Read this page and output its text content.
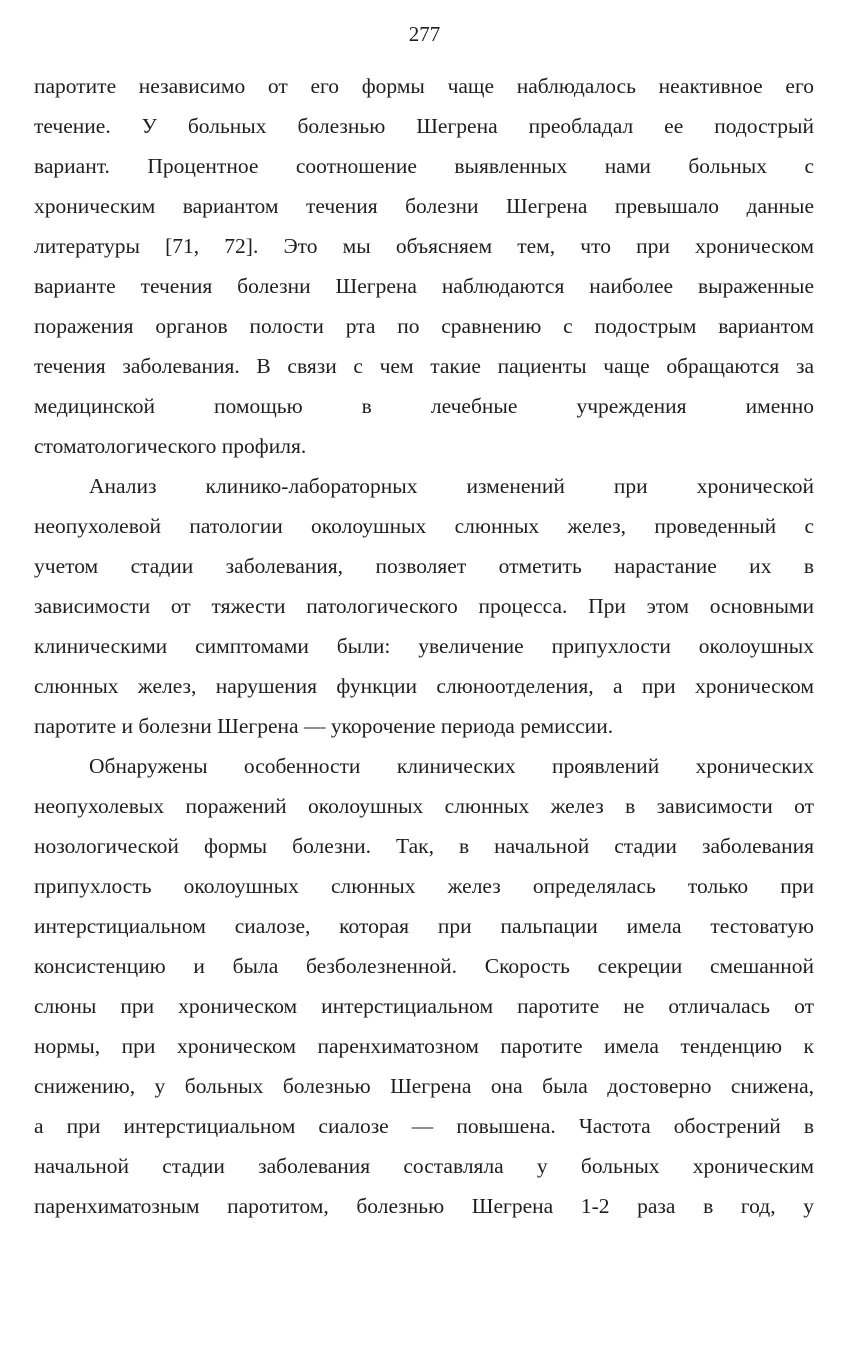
277
паротите независимо от его формы чаще наблюдалось неактивное его
течение. У больных болезнью Шегрена преобладал ее подострый
вариант. Процентное соотношение выявленных нами больных с
хроническим вариантом течения болезни Шегрена превышало данные
литературы [71, 72]. Это мы объясняем тем, что при хроническом
варианте течения болезни Шегрена наблюдаются наиболее выраженные
поражения органов полости рта по сравнению с подострым вариантом
течения заболевания. В связи с чем такие пациенты чаще обращаются за
медицинской помощью в лечебные учреждения именно
стоматологического профиля.
Анализ клинико-лабораторных изменений при хронической
неопухолевой патологии околоушных слюнных желез, проведенный с
учетом стадии заболевания, позволяет отметить нарастание их в
зависимости от тяжести патологического процесса. При этом основными
клиническими симптомами были: увеличение припухлости околоушных
слюнных желез, нарушения функции слюноотделения, а при хроническом
паротите и болезни Шегрена — укорочение периода ремиссии.
Обнаружены особенности клинических проявлений хронических
неопухолевых поражений околоушных слюнных желез в зависимости от
нозологической формы болезни. Так, в начальной стадии заболевания
припухлость околоушных слюнных желез определялась только при
интерстициальном сиалозе, которая при пальпации имела тестоватую
консистенцию и была безболезненной. Скорость секреции смешанной
слюны при хроническом интерстициальном паротите не отличалась от
нормы, при хроническом паренхиматозном паротите имела тенденцию к
снижению, у больных болезнью Шегрена она была достоверно снижена,
а при интерстициальном сиалозе — повышена. Частота обострений в
начальной стадии заболевания составляла у больных хроническим
паренхиматозным паротитом, болезнью Шегрена 1-2 раза в год, у
